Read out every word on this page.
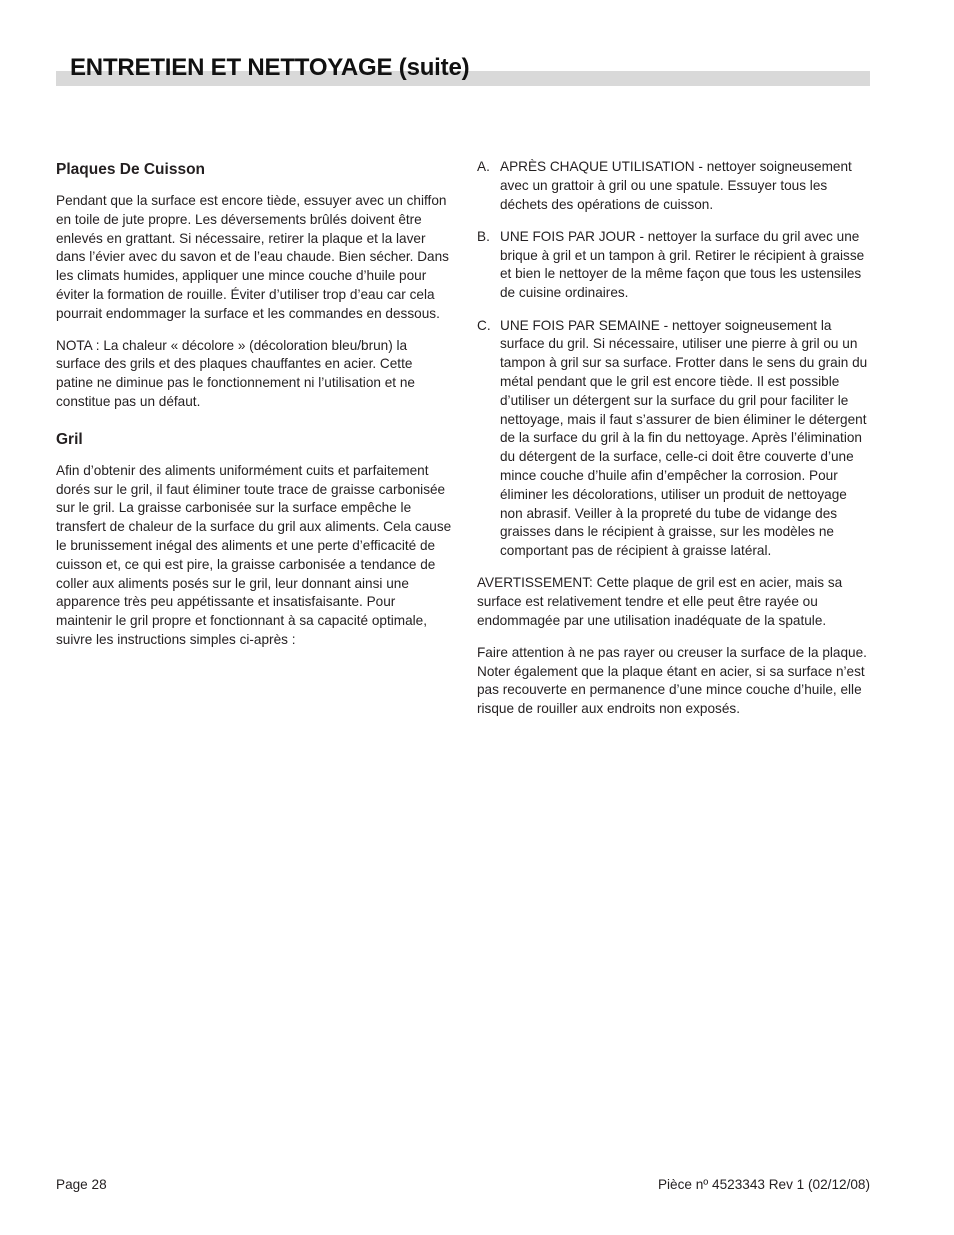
ENTRETIEN ET NETTOYAGE (suite)
Plaques De Cuisson

Pendant que la surface est encore tiède, essuyer avec un chiffon en toile de jute propre. Les déversements brûlés doivent être enlevés en grattant. Si nécessaire, retirer la plaque et la laver dans l’évier avec du savon et de l’eau chaude. Bien sécher. Dans les climats humides, appliquer une mince couche d’huile pour éviter la formation de rouille. Éviter d’utiliser trop d’eau car cela pourrait endommager la surface et les commandes en dessous.

NOTA : La chaleur « décolore » (décoloration bleu/brun) la surface des grils et des plaques chauffantes en acier. Cette patine ne diminue pas le fonctionnement ni l’utilisation et ne constitue pas un défaut.

Gril

Afin d’obtenir des aliments uniformément cuits et parfaitement dorés sur le gril, il faut éliminer toute trace de graisse carbonisée sur le gril. La graisse carbonisée sur la surface empêche le transfert de chaleur de la surface du gril aux aliments. Cela cause le brunissement inégal des aliments et une perte d’efficacité de cuisson et, ce qui est pire, la graisse carbonisée a tendance de coller aux aliments posés sur le gril, leur donnant ainsi une apparence très peu appétissante et insatisfaisante. Pour maintenir le gril propre et fonctionnant à sa capacité optimale, suivre les instructions simples ci-après :

A. APRÈS CHAQUE UTILISATION - nettoyer soigneusement avec un grattoir à gril ou une spatule. Essuyer tous les déchets des opérations de cuisson.
B. UNE FOIS PAR JOUR - nettoyer la surface du gril avec une brique à gril et un tampon à gril. Retirer le récipient à graisse et bien le nettoyer de la même façon que tous les ustensiles de cuisine ordinaires.
C. UNE FOIS PAR SEMAINE - nettoyer soigneusement la surface du gril. Si nécessaire, utiliser une pierre à gril ou un tampon à gril sur sa surface. Frotter dans le sens du grain du métal pendant que le gril est encore tiède. Il est possible d’utiliser un détergent sur la surface du gril pour faciliter le nettoyage, mais il faut s’assurer de bien éliminer le détergent de la surface du gril à la fin du nettoyage. Après l’élimination du détergent de la surface, celle-ci doit être couverte d’une mince couche d’huile afin d’empêcher la corrosion. Pour éliminer les décolorations, utiliser un produit de nettoyage non abrasif. Veiller à la propreté du tube de vidange des graisses dans le récipient à graisse, sur les modèles ne comportant pas de récipient à graisse latéral.

AVERTISSEMENT: Cette plaque de gril est en acier, mais sa surface est relativement tendre et elle peut être rayée ou endommagée par une utilisation inadéquate de la spatule.

Faire attention à ne pas rayer ou creuser la surface de la plaque. Noter également que la plaque étant en acier, si sa surface n’est pas recouverte en permanence d’une mince couche d’huile, elle risque de rouiller aux endroits non exposés.

Page 28	Pièce nº 4523343 Rev 1 (02/12/08)
